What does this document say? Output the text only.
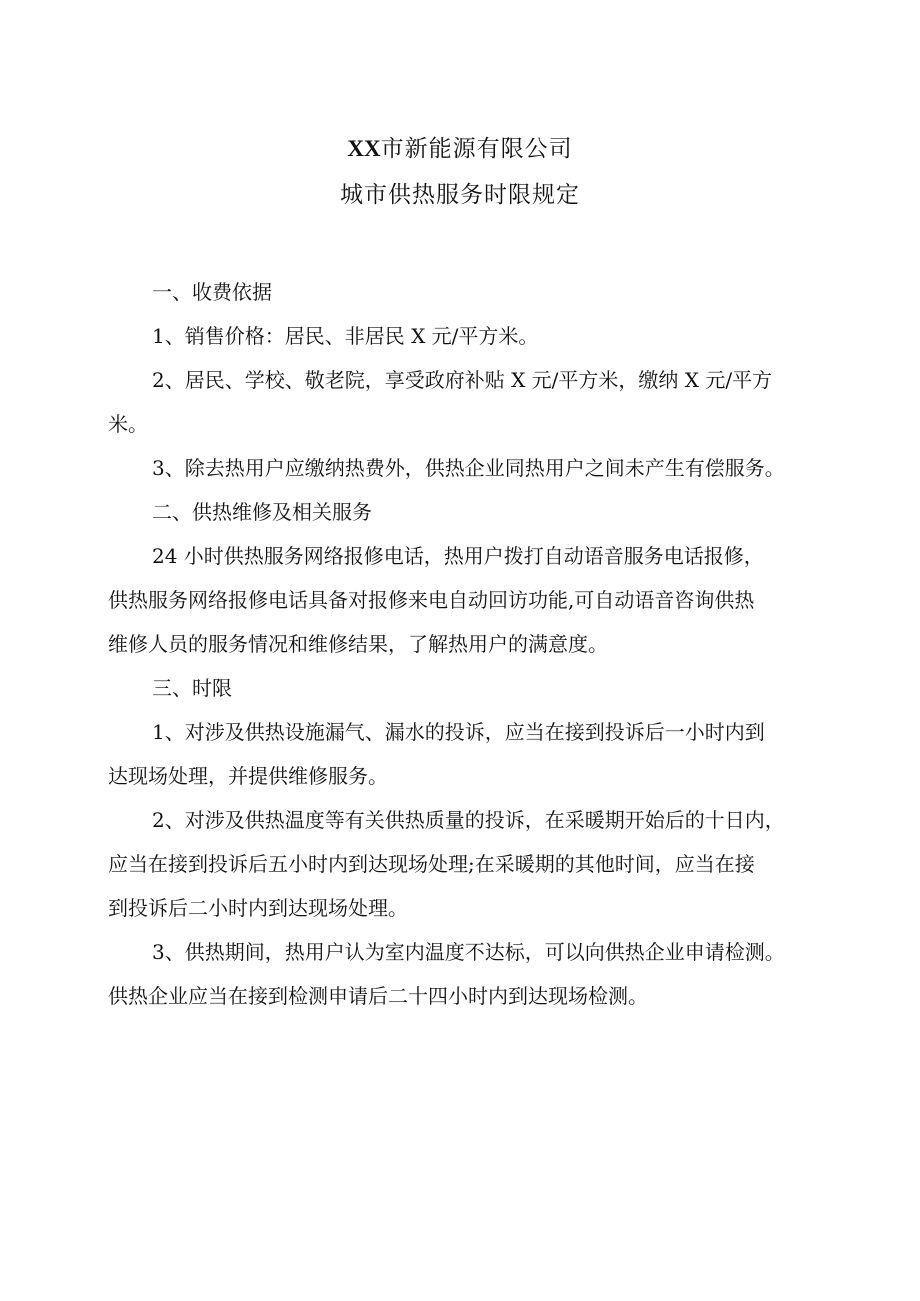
XX市新能源有限公司
城市供热服务时限规定

一、收费依据

1、销售价格：居民、非居民 X 元/平方米。

2、居民、学校、敬老院，享受政府补贴 X 元/平方米，缴纳 X 元/平方
米。

3、除去热用户应缴纳热费外，供热企业同热用户之间未产生有偿服务。

二、供热维修及相关服务

24 小时供热服务网络报修电话，热用户拨打自动语音服务电话报修，
供热服务网络报修电话具备对报修来电自动回访功能,可自动语音咨询供热
维修人员的服务情况和维修结果，了解热用户的满意度。

三、时限

1、对涉及供热设施漏气、漏水的投诉，应当在接到投诉后一小时内到
达现场处理，并提供维修服务。

2、对涉及供热温度等有关供热质量的投诉，在采暖期开始后的十日内，
应当在接到投诉后五小时内到达现场处理;在采暖期的其他时间，应当在接
到投诉后二小时内到达现场处理。

3、供热期间，热用户认为室内温度不达标，可以向供热企业申请检测。
供热企业应当在接到检测申请后二十四小时内到达现场检测。
